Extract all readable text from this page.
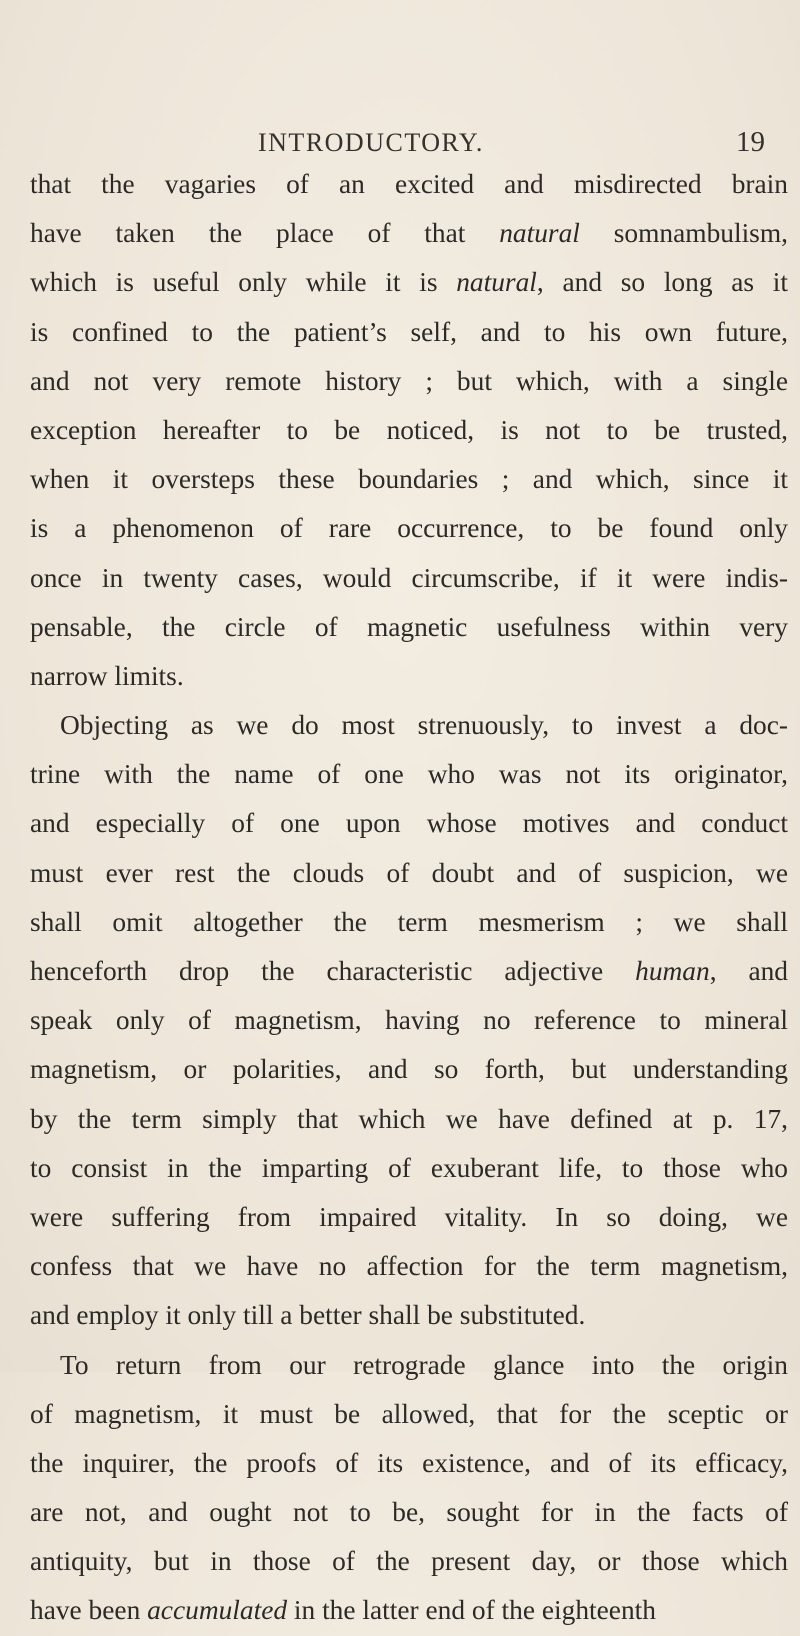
INTRODUCTORY.	19
that the vagaries of an excited and misdirected brain
have taken the place of that natural somnambulism,
which is useful only while it is natural, and so long as it
is confined to the patient’s self, and to his own future,
and not very remote history ; but which, with a single
exception hereafter to be noticed, is not to be trusted,
when it oversteps these boundaries ; and which, since it
is a phenomenon of rare occurrence, to be found only
once in twenty cases, would circumscribe, if it were indis-
pensable, the circle of magnetic usefulness within very
narrow limits.
Objecting as we do most strenuously, to invest a doc-
trine with the name of one who was not its originator,
and especially of one upon whose motives and conduct
must ever rest the clouds of doubt and of suspicion, we
shall omit altogether the term mesmerism ; we shall
henceforth drop the characteristic adjective human, and
speak only of magnetism, having no reference to mineral
magnetism, or polarities, and so forth, but understanding
by the term simply that which we have defined at p. 17,
to consist in the imparting of exuberant life, to those who
were suffering from impaired vitality. In so doing, we
confess that we have no affection for the term magnetism,
and employ it only till a better shall be substituted.
To return from our retrograde glance into the origin
of magnetism, it must be allowed, that for the sceptic or
the inquirer, the proofs of its existence, and of its efficacy,
are not, and ought not to be, sought for in the facts of
antiquity, but in those of the present day, or those which
have been accumulated in the latter end of the eighteenth
